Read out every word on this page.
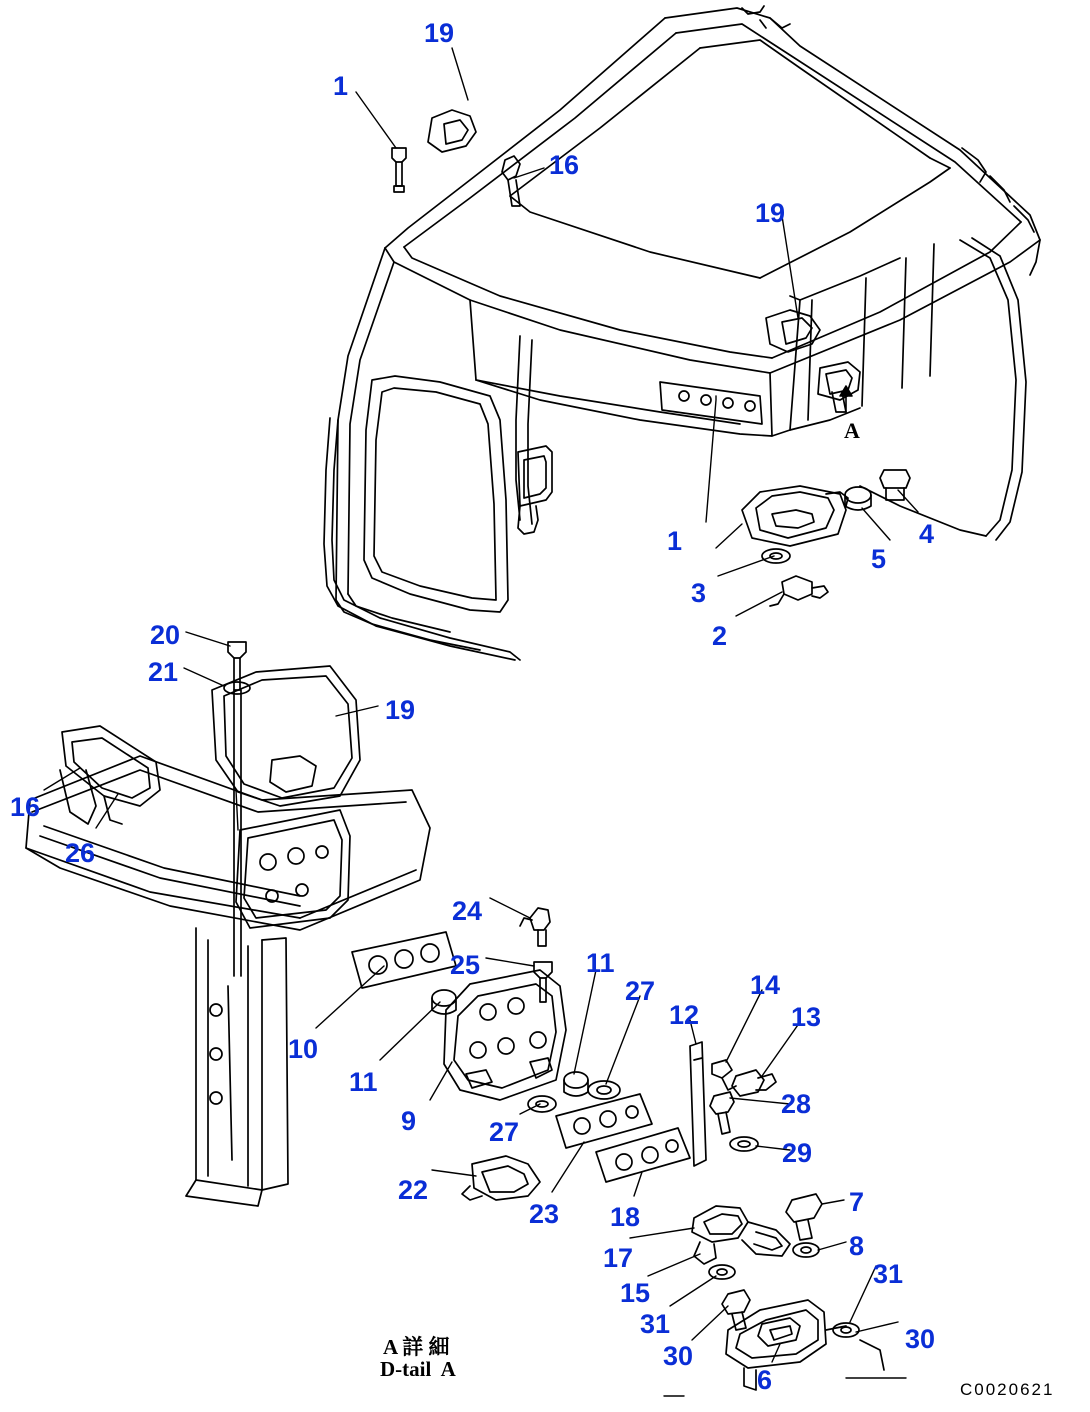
19
1
16
19
1	4
5
3
2
20
21
19
16
26
24
25	11
27	14
13
12
10
11
9	27
28
29
22
23 18	7
8
17
31
15
31	30
30
6
A
A 詳 細
D-tail  A
C0020621
